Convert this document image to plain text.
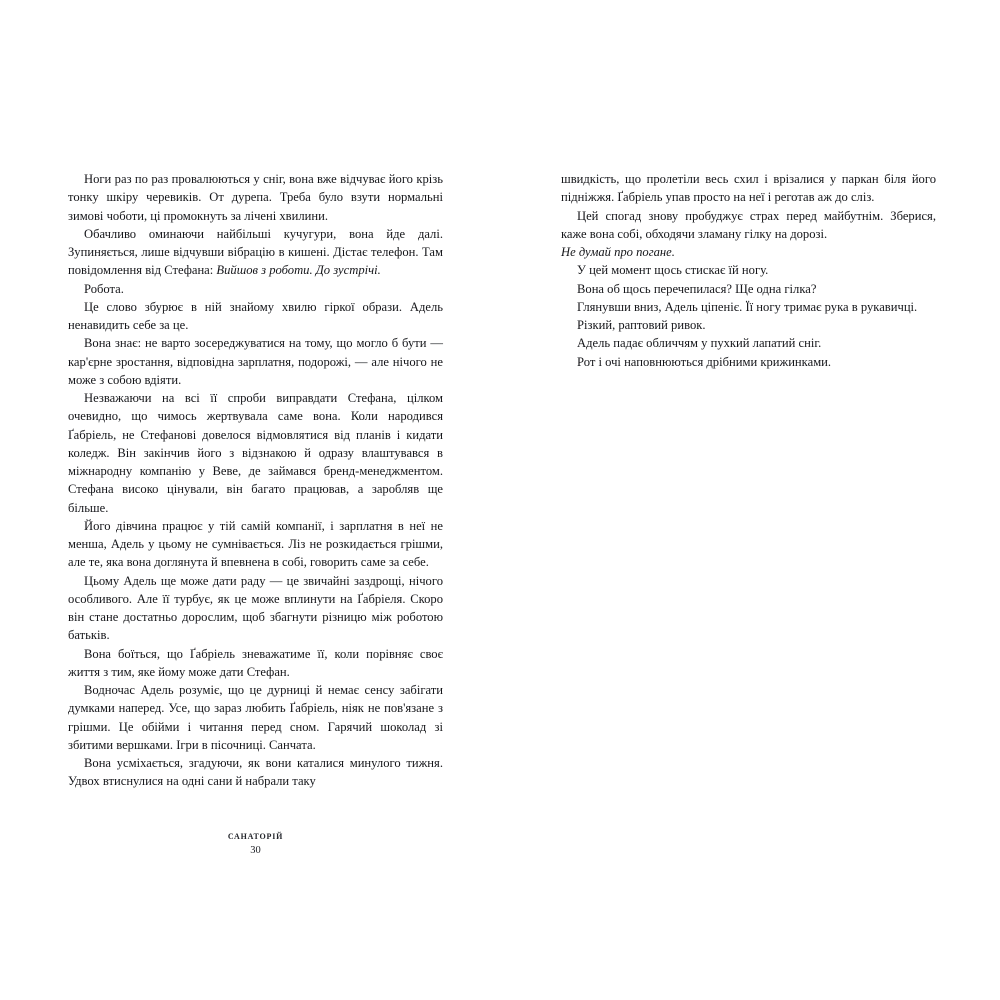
Ноги раз по раз провалюються у сніг, вона вже відчуває його крізь тонку шкіру черевиків. От дурепа. Треба було взути нормальні зимові чоботи, ці промокнуть за лічені хвилини.

Обачливо оминаючи найбільші кучугури, вона йде далі. Зупиняється, лише відчувши вібрацію в кишені. Дістає телефон. Там повідомлення від Стефана: Вийшов з роботи. До зустрічі.

Робота.

Це слово збурює в ній знайому хвилю гіркої образи. Адель ненавидить себе за це.

Вона знає: не варто зосереджуватися на тому, що могло б бути — кар'єрне зростання, відповідна зарплатня, подорожі, — але нічого не може з собою вдіяти.

Незважаючи на всі її спроби виправдати Стефана, цілком очевидно, що чимось жертвувала саме вона. Коли народився Ґабріель, не Стефанові довелося відмовлятися від планів і кидати коледж. Він закінчив його з відзнакою й одразу влаштувався в міжнародну компанію у Веве, де займався бренд-менеджментом. Стефана високо цінували, він багато працював, а заробляв ще більше.

Його дівчина працює у тій самій компанії, і зарплатня в неї не менша, Адель у цьому не сумнівається. Ліз не розкидається грішми, але те, яка вона доглянута й впевнена в собі, говорить саме за себе.

Цьому Адель ще може дати раду — це звичайні заздрощі, нічого особливого. Але її турбує, як це може вплинути на Ґабріеля. Скоро він стане достатньо дорослим, щоб збагнути різницю між роботою батьків.

Вона боїться, що Ґабріель зневажатиме її, коли порівняє своє життя з тим, яке йому може дати Стефан.

Водночас Адель розуміє, що це дурниці й немає сенсу забігати думками наперед. Усе, що зараз любить Ґабріель, ніяк не пов'язане з грішми. Це обійми і читання перед сном. Гарячий шоколад зі збитими вершками. Ігри в пісочниці. Санчата.

Вона усміхається, згадуючи, як вони каталися минулого тижня. Удвох втиснулися на одні сани й набрали таку

швидкість, що пролетіли весь схил і врізалися у паркан біля його підніжжя. Ґабріель упав просто на неї і реготав аж до сліз.

Цей спогад знову пробуджує страх перед майбутнім. Зберися, каже вона собі, обходячи зламану гілку на дорозі.

Не думай про погане.

У цей момент щось стискає їй ногу.

Вона об щось перечепилася? Ще одна гілка?

Глянувши вниз, Адель ціпеніє. Її ногу тримає рука в рукавичці.

Різкий, раптовий ривок.

Адель падає обличчям у пухкий лапатий сніг.

Рот і очі наповнюються дрібними крижинками.

САНАТОРІЙ
30
